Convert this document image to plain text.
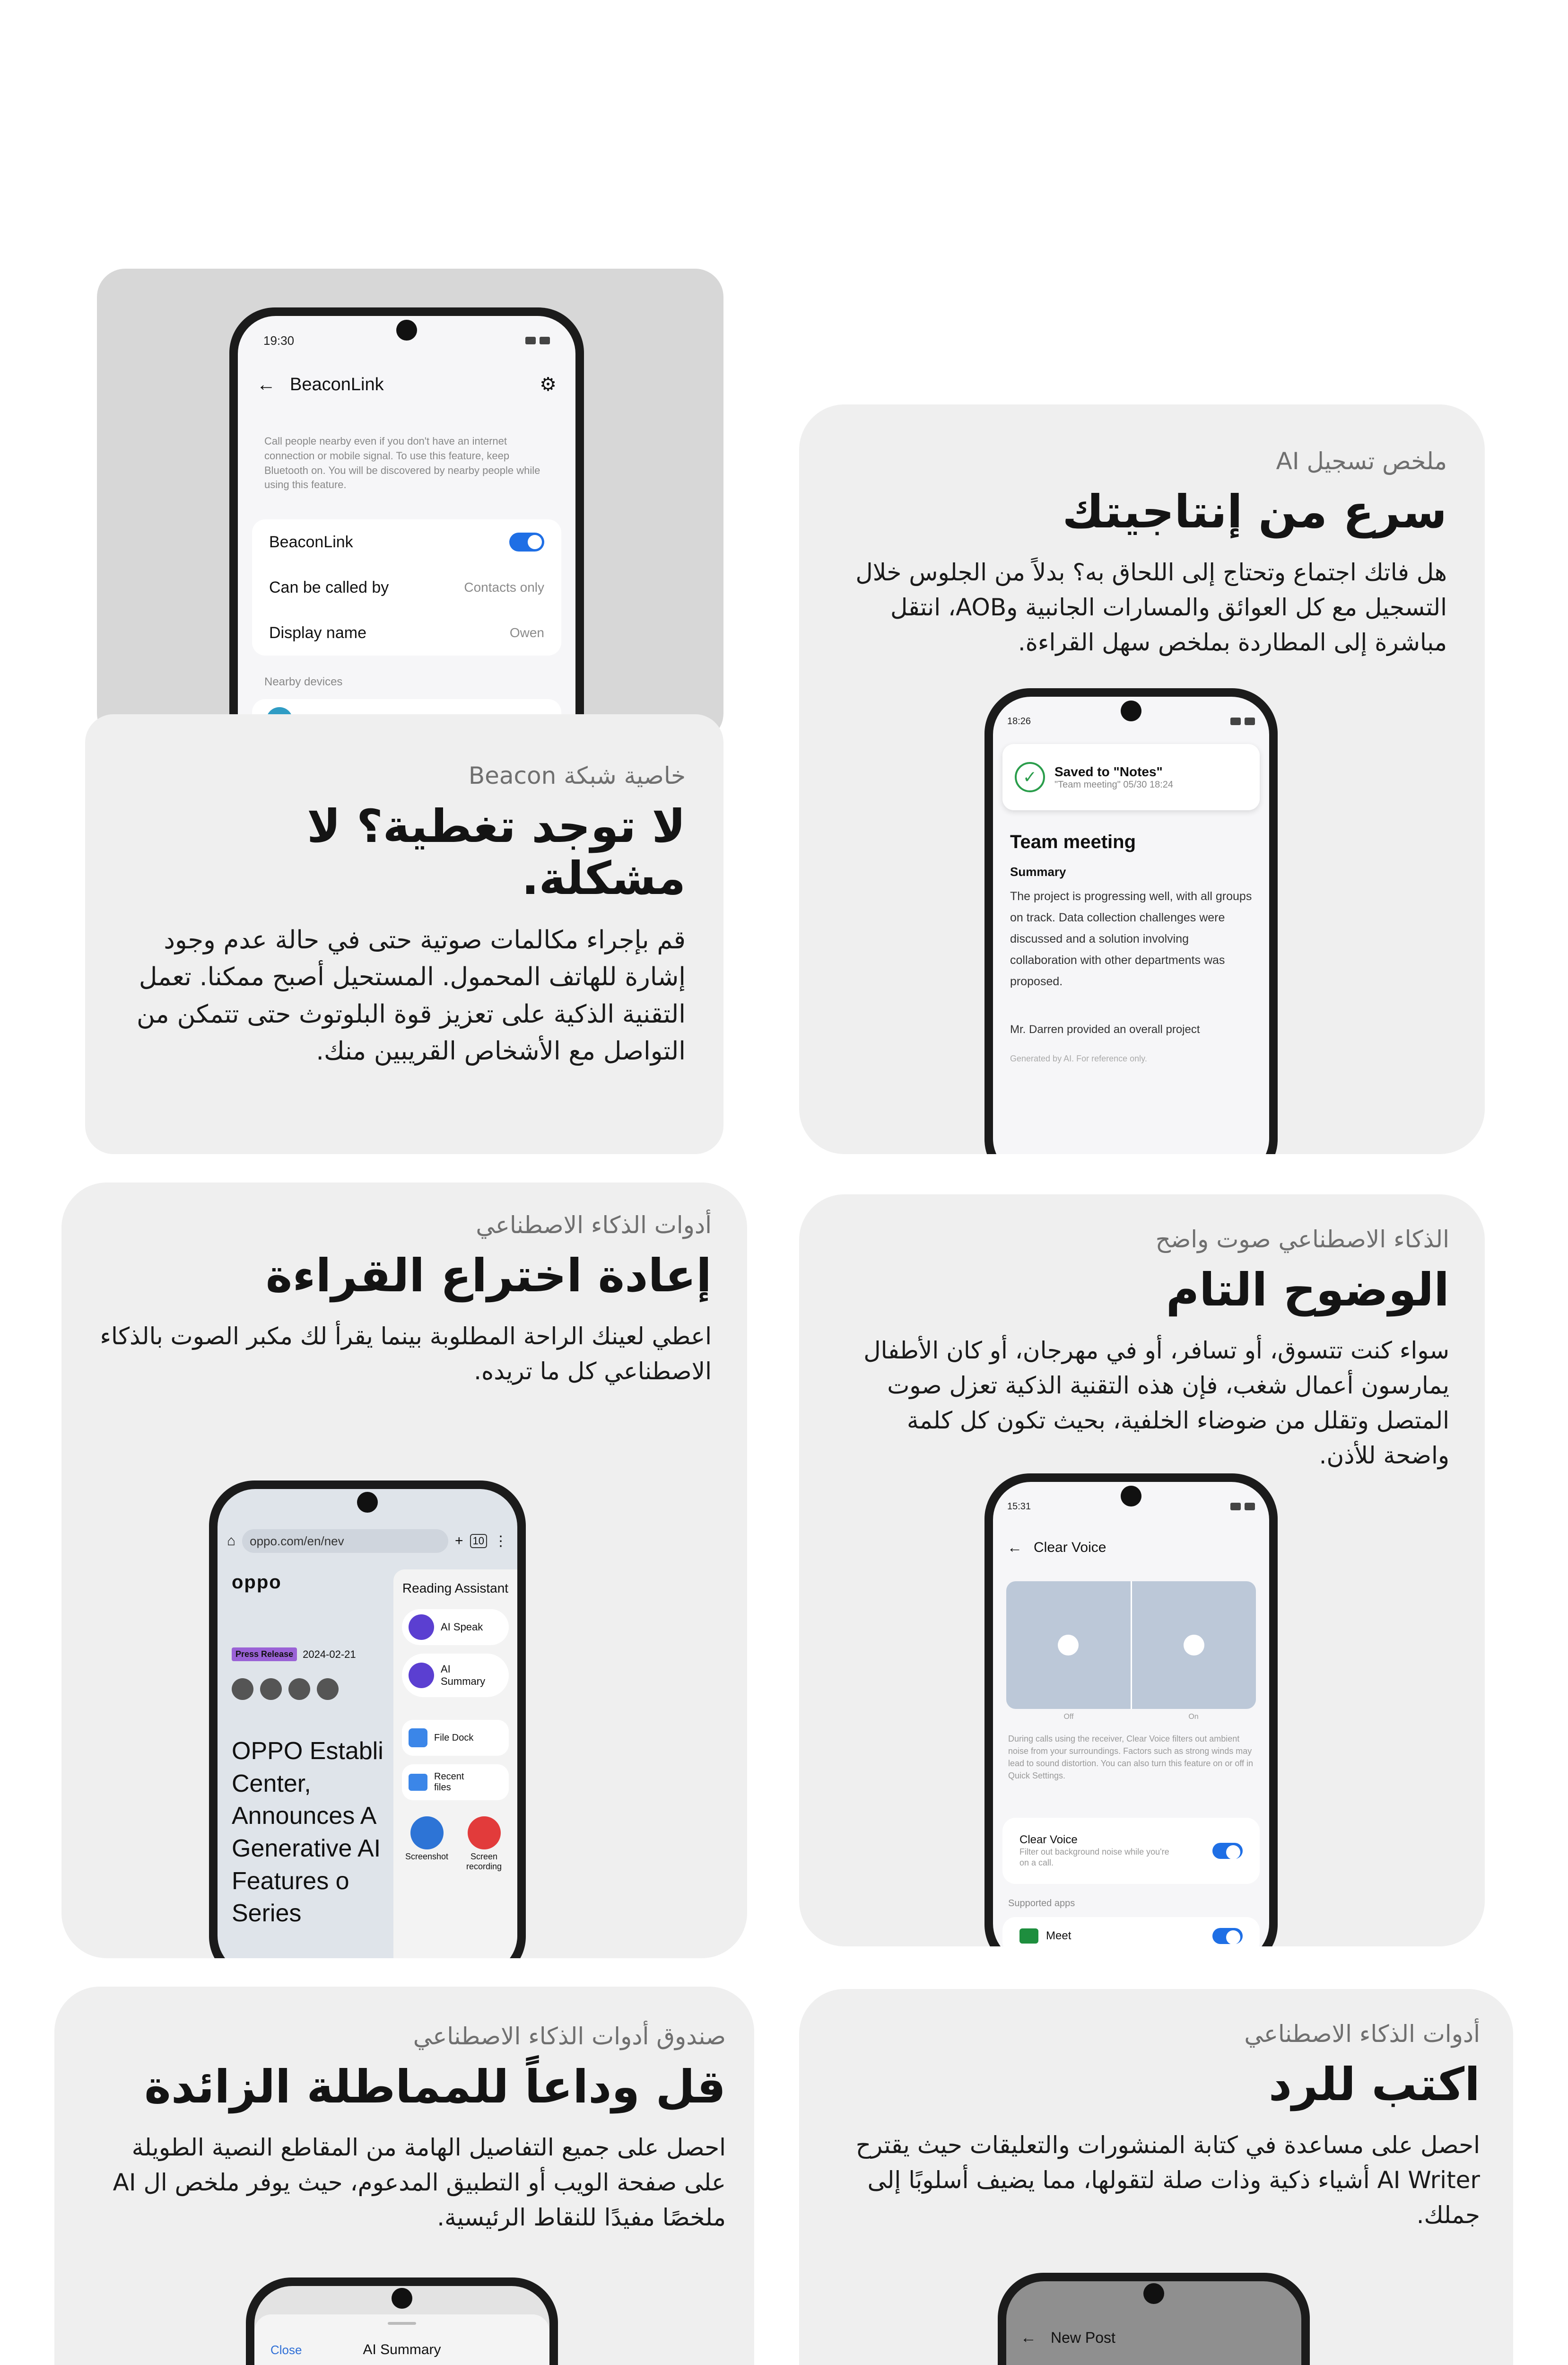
19:30
← BeaconLink	⚙
Call people nearby even if you don't have an internet connection or mobile signal. To use this feature, keep Bluetooth on. You will be discovered by nearby people while using this feature.
BeaconLink
Can be called by	Contacts only
Display name	Owen
Nearby devices

خاصية شبكة Beacon

لا توجد تغطية؟ لا مشكلة.

قم بإجراء مكالمات صوتية حتى في حالة عدم وجود إشارة للهاتف المحمول. المستحيل أصبح ممكنا. تعمل التقنية الذكية على تعزيز قوة البلوتوث حتى تتمكن من التواصل مع الأشخاص القريبين منك.

ملخص تسجيل AI

سرع من إنتاجيتك

هل فاتك اجتماع وتحتاج إلى اللحاق به؟ بدلاً من الجلوس خلال التسجيل مع كل العوائق والمسارات الجانبية وAOB، انتقل مباشرة إلى المطاردة بملخص سهل القراءة.

18:26
✓	Saved to "Notes"
"Team meeting" 05/30 18:24
Team meeting
Summary
The project is progressing well, with all groups on track. Data collection challenges were discussed and a solution involving collaboration with other departments was proposed.
Mr. Darren provided an overall project
Generated by AI. For reference only.

أدوات الذكاء الاصطناعي

إعادة اختراع القراءة

اعطي لعينك الراحة المطلوبة بينما يقرأ لك مكبر الصوت بالذكاء الاصطناعي كل ما تريده.

⌂ oppo.com/en/nev	+ 10 ⋮
oppo
Press Release 2024-02-21
OPPO Establi Center, Announces A Generative AI Features o Series
Reading Assistant
AI Speak
AI Summary
File Dock
Recent files
Screenshot	Screen recording

الذكاء الاصطناعي صوت واضح

الوضوح التام

سواء كنت تتسوق، أو تسافر، أو في مهرجان، أو كان الأطفال يمارسون أعمال شغب، فإن هذه التقنية الذكية تعزل صوت المتصل وتقلل من ضوضاء الخلفية، بحيث تكون كل كلمة واضحة للأذن.

15:31
← Clear Voice
Off	On
During calls using the receiver, Clear Voice filters out ambient noise from your surroundings. Factors such as strong winds may lead to sound distortion. You can also turn this feature on or off in Quick Settings.
Clear Voice
Filter out background noise while you're on a call.
Supported apps
Meet

صندوق أدوات الذكاء الاصطناعي

قل وداعاً للمماطلة الزائدة

احصل على جميع التفاصيل الهامة من المقاطع النصية الطويلة على صفحة الويب أو التطبيق المدعوم، حيث يوفر ملخص ال AI ملخصًا مفيدًا للنقاط الرئيسية.

Close	AI Summary

أدوات الذكاء الاصطناعي

اكتب للرد

احصل على مساعدة في كتابة المنشورات والتعليقات حيث يقترح AI Writer أشياء ذكية وذات صلة لتقولها، مما يضيف أسلوبًا إلى جملك.

← New Post
